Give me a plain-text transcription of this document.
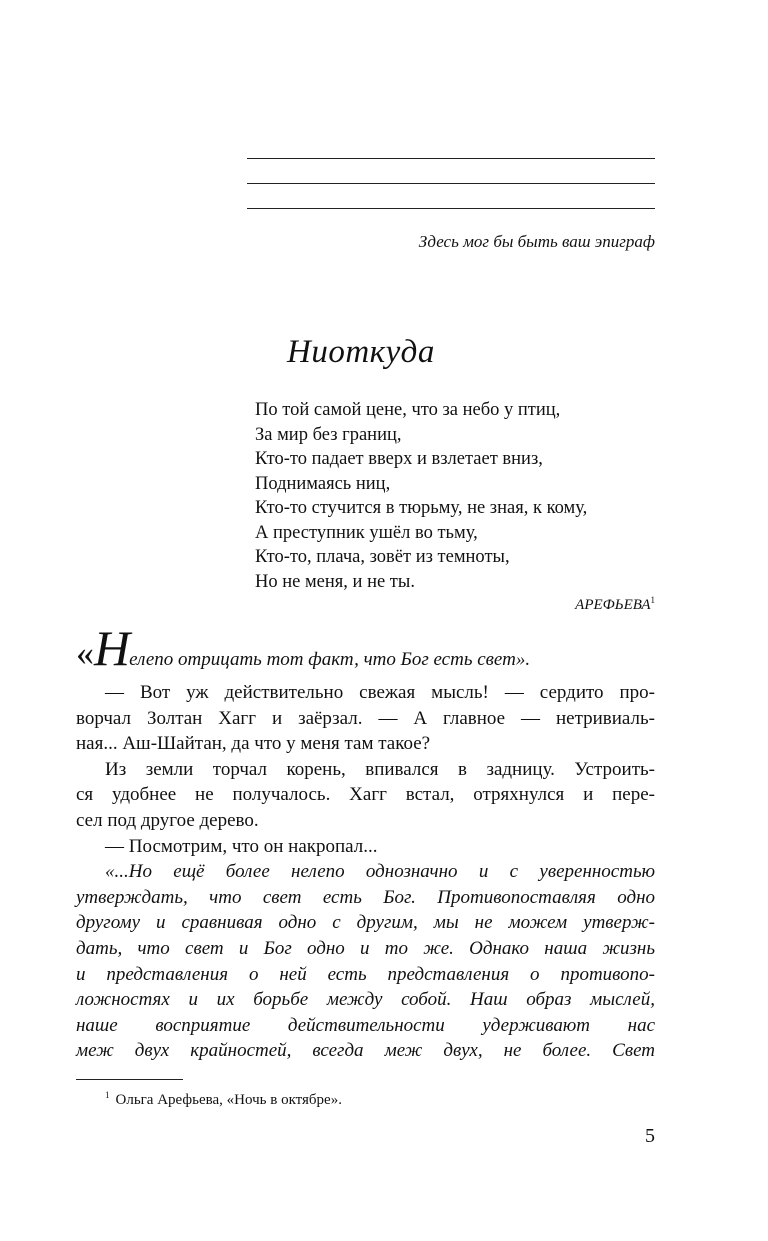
Здесь мог бы быть ваш эпиграф
Ниоткуда
По той самой цене, что за небо у птиц,
За мир без границ,
Кто-то падает вверх и взлетает вниз,
Поднимаясь ниц,
Кто-то стучится в тюрьму, не зная, к кому,
А преступник ушёл во тьму,
Кто-то, плача, зовёт из темноты,
Но не меня, и не ты.
АРЕФЬЕВА$^1$
«Нелепо отрицать тот факт, что Бог есть свет».
— Вот уж действительно свежая мысль! — сердито про-
ворчал Золтан Хагг и заёрзал. — А главное — нетривиаль-
ная... Аш-Шайтан, да что у меня там такое?
Из земли торчал корень, впивался в задницу. Устроить-
ся удобнее не получалось. Хагг встал, отряхнулся и пере-
сел под другое дерево.
— Посмотрим, что он накропал...
«...Но ещё более нелепо однозначно и с уверенностью
утверждать, что свет есть Бог. Противопоставляя одно
другому и сравнивая одно с другим, мы не можем утверж-
дать, что свет и Бог одно и то же. Однако наша жизнь
и представления о ней есть представления о противопо-
ложностях и их борьбе между собой. Наш образ мыслей,
наше восприятие действительности удерживают нас
меж двух крайностей, всегда меж двух, не более. Свет
$^1$ Ольга Арефьева, «Ночь в октябре».
5
